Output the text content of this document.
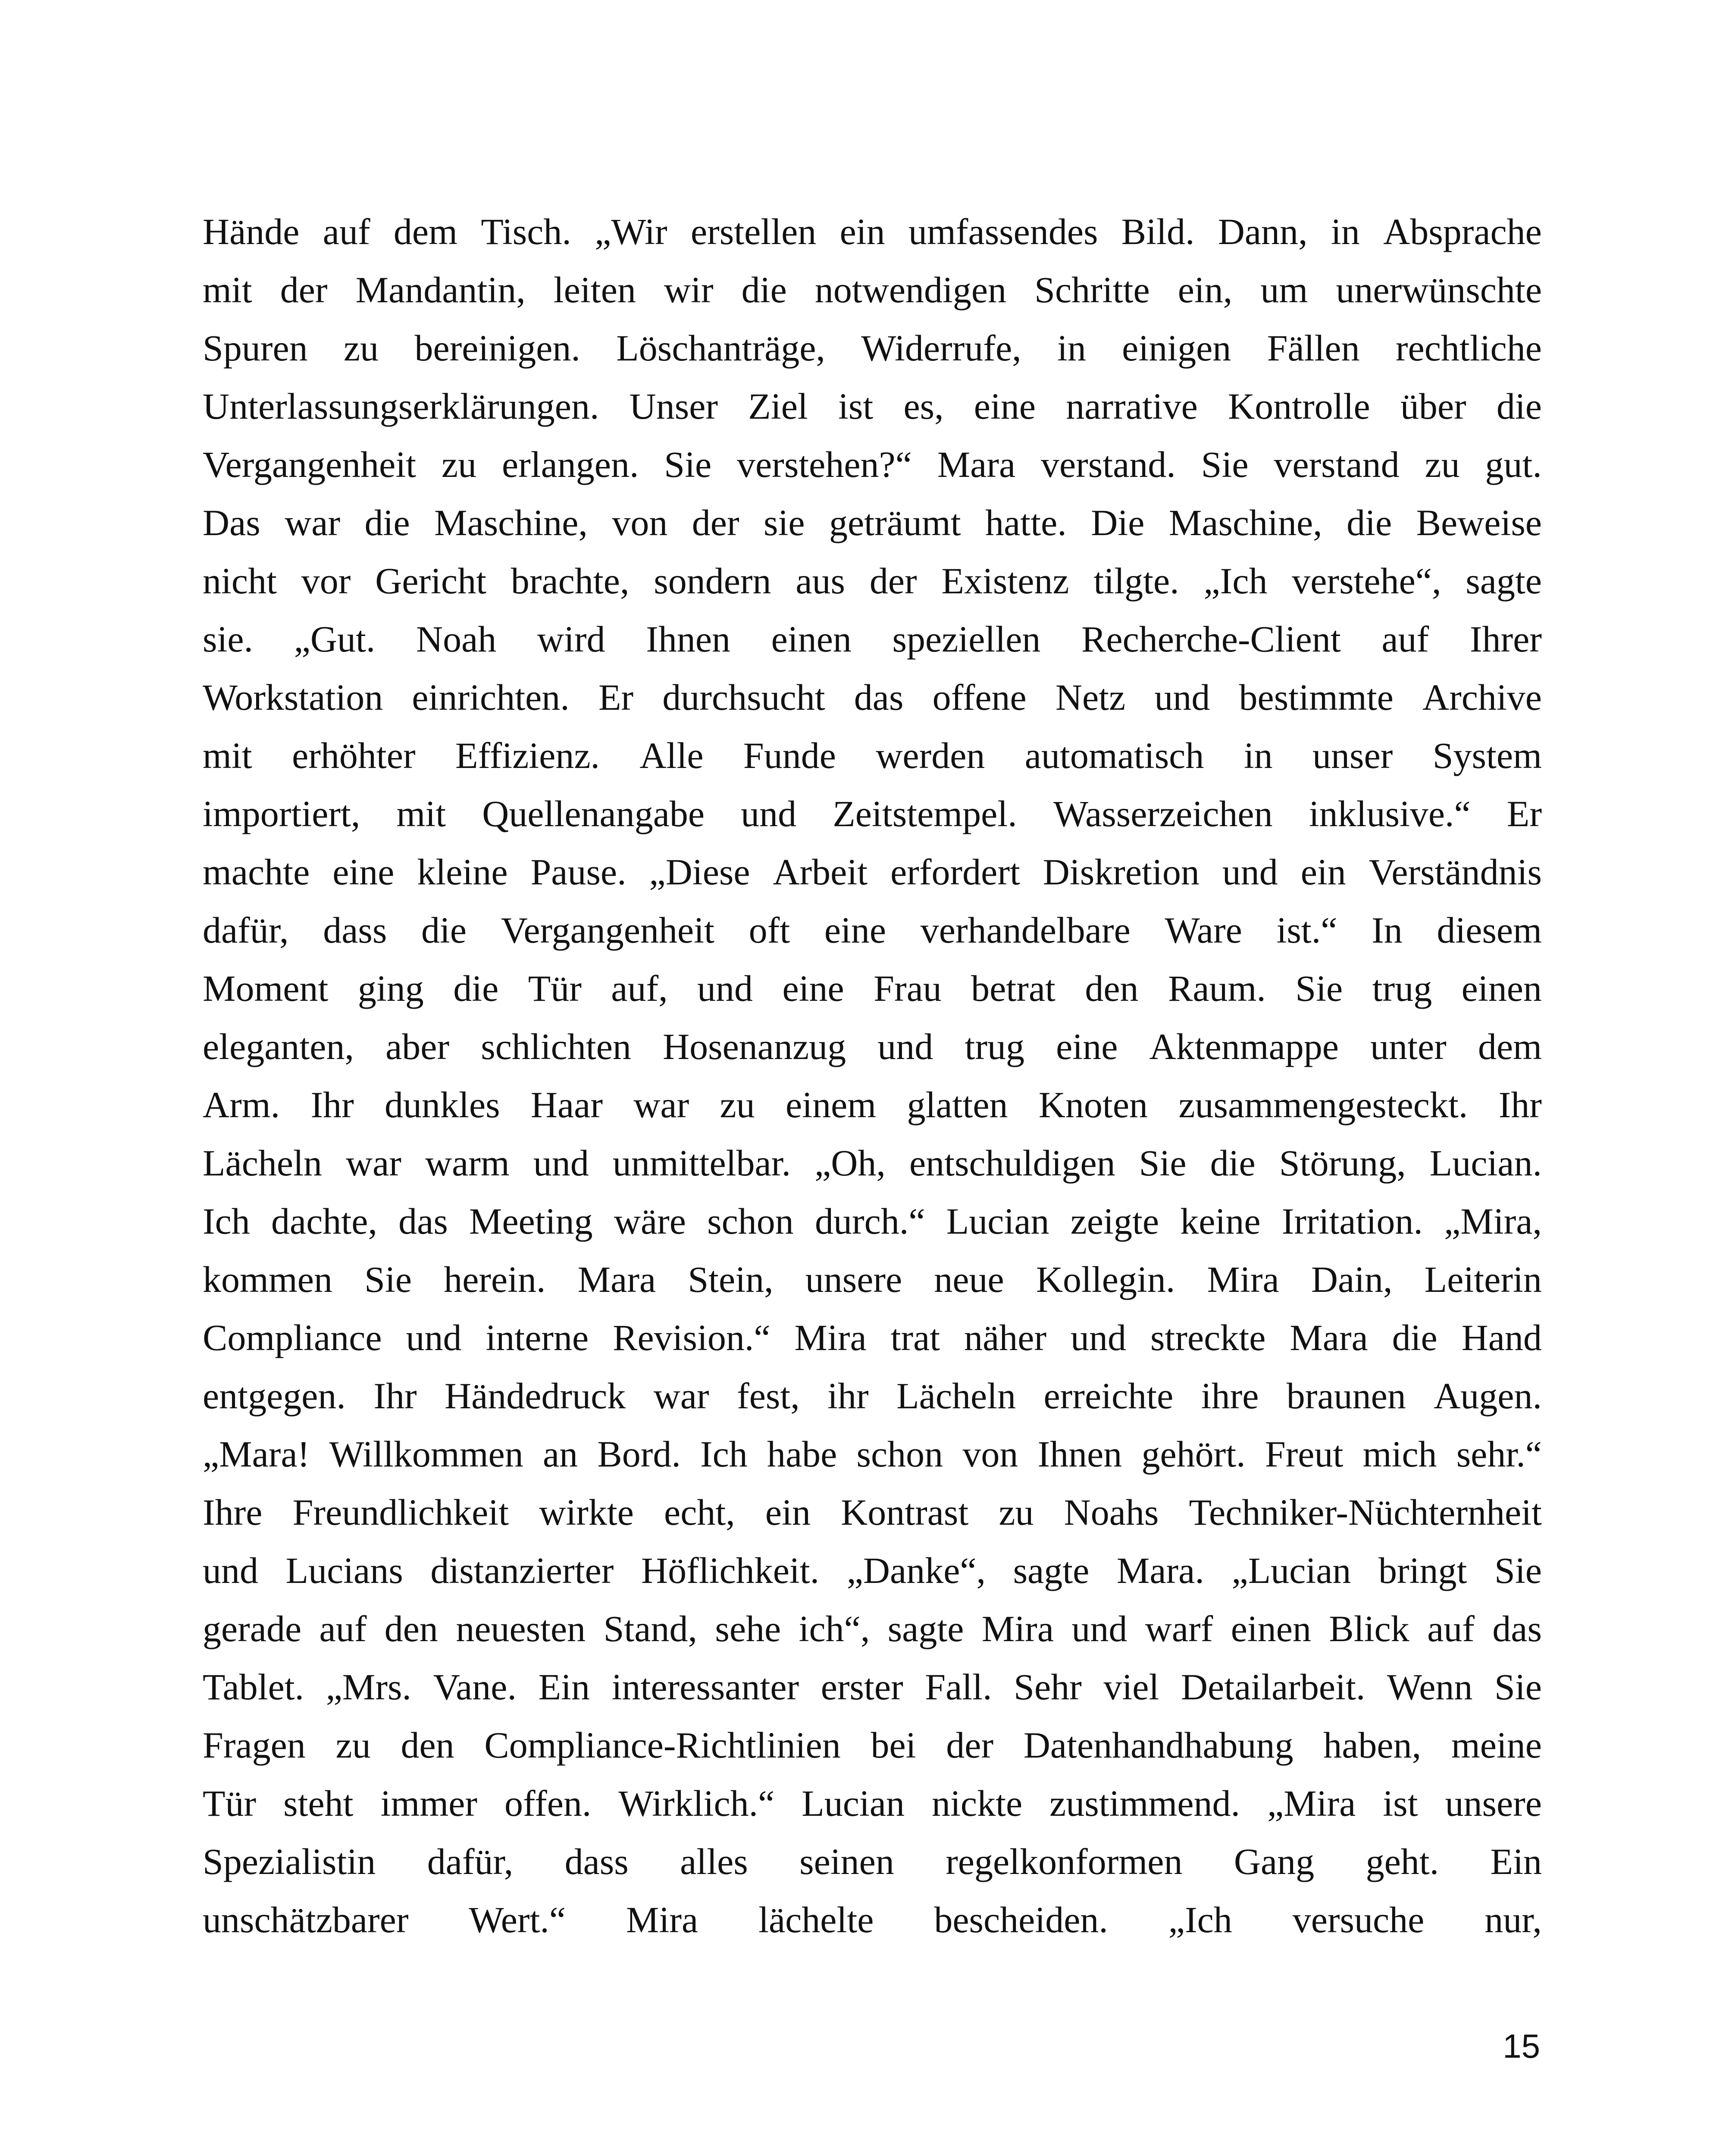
Hände auf dem Tisch. „Wir erstellen ein umfassendes Bild. Dann, in Absprache
mit der Mandantin, leiten wir die notwendigen Schritte ein, um unerwünschte
Spuren zu bereinigen. Löschanträge, Widerrufe, in einigen Fällen rechtliche
Unterlassungserklärungen. Unser Ziel ist es, eine narrative Kontrolle über die
Vergangenheit zu erlangen. Sie verstehen?“ Mara verstand. Sie verstand zu gut.
Das war die Maschine, von der sie geträumt hatte. Die Maschine, die Beweise
nicht vor Gericht brachte, sondern aus der Existenz tilgte. „Ich verstehe“, sagte
sie. „Gut. Noah wird Ihnen einen speziellen Recherche-Client auf Ihrer
Workstation einrichten. Er durchsucht das offene Netz und bestimmte Archive
mit erhöhter Effizienz. Alle Funde werden automatisch in unser System
importiert, mit Quellenangabe und Zeitstempel. Wasserzeichen inklusive.“ Er
machte eine kleine Pause. „Diese Arbeit erfordert Diskretion und ein Verständnis
dafür, dass die Vergangenheit oft eine verhandelbare Ware ist.“ In diesem
Moment ging die Tür auf, und eine Frau betrat den Raum. Sie trug einen
eleganten, aber schlichten Hosenanzug und trug eine Aktenmappe unter dem
Arm. Ihr dunkles Haar war zu einem glatten Knoten zusammengesteckt. Ihr
Lächeln war warm und unmittelbar. „Oh, entschuldigen Sie die Störung, Lucian.
Ich dachte, das Meeting wäre schon durch.“ Lucian zeigte keine Irritation. „Mira,
kommen Sie herein. Mara Stein, unsere neue Kollegin. Mira Dain, Leiterin
Compliance und interne Revision.“ Mira trat näher und streckte Mara die Hand
entgegen. Ihr Händedruck war fest, ihr Lächeln erreichte ihre braunen Augen.
„Mara! Willkommen an Bord. Ich habe schon von Ihnen gehört. Freut mich sehr.“
Ihre Freundlichkeit wirkte echt, ein Kontrast zu Noahs Techniker-Nüchternheit
und Lucians distanzierter Höflichkeit. „Danke“, sagte Mara. „Lucian bringt Sie
gerade auf den neuesten Stand, sehe ich“, sagte Mira und warf einen Blick auf das
Tablet. „Mrs. Vane. Ein interessanter erster Fall. Sehr viel Detailarbeit. Wenn Sie
Fragen zu den Compliance-Richtlinien bei der Datenhandhabung haben, meine
Tür steht immer offen. Wirklich.“ Lucian nickte zustimmend. „Mira ist unsere
Spezialistin dafür, dass alles seinen regelkonformen Gang geht. Ein
unschätzbarer Wert.“ Mira lächelte bescheiden. „Ich versuche nur,
15
